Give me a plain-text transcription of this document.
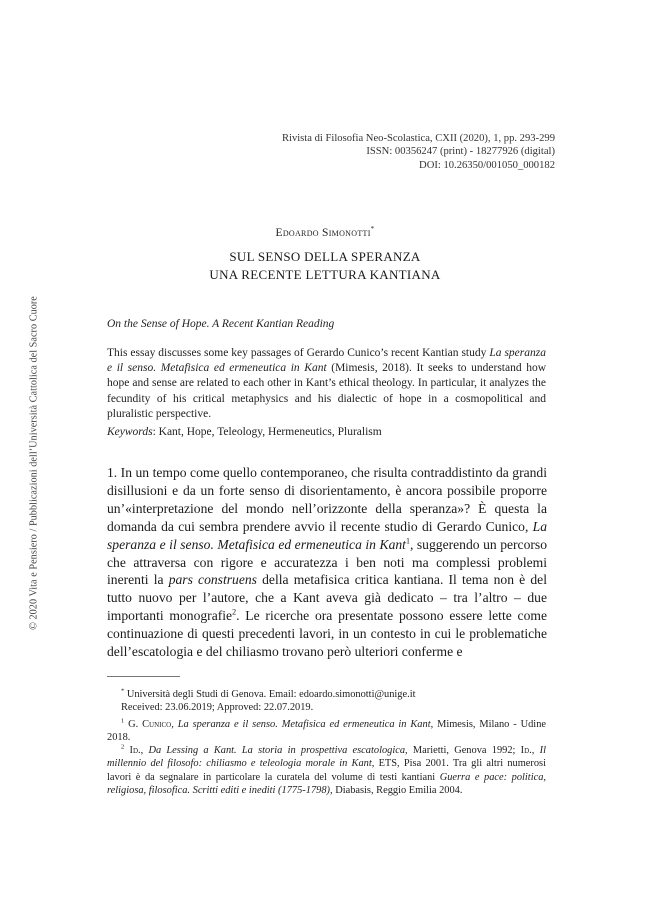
© 2020 Vita e Pensiero / Pubblicazioni dell’Università Cattolica del Sacro Cuore
Rivista di Filosofia Neo-Scolastica, CXII (2020), 1, pp. 293-299
ISSN: 00356247 (print) - 18277926 (digital)
DOI: 10.26350/001050_000182
Edoardo Simonotti*
SUL SENSO DELLA SPERANZA
UNA RECENTE LETTURA KANTIANA
On the Sense of Hope. A Recent Kantian Reading
This essay discusses some key passages of Gerardo Cunico’s recent Kantian study La speranza e il senso. Metafisica ed ermeneutica in Kant (Mimesis, 2018). It seeks to understand how hope and sense are related to each other in Kant’s ethical theology. In particular, it analyzes the fecundity of his critical metaphysics and his dialectic of hope in a cosmopolitical and pluralistic perspective.
Keywords: Kant, Hope, Teleology, Hermeneutics, Pluralism
1. In un tempo come quello contemporaneo, che risulta contraddistinto da grandi disillusioni e da un forte senso di disorientamento, è ancora possibile proporre un’«interpretazione del mondo nell’orizzonte della speranza»? È questa la domanda da cui sembra prendere avvio il recente studio di Gerardo Cunico, La speranza e il senso. Metafisica ed ermeneutica in Kant$^1$, suggerendo un percorso che attraversa con rigore e accuratezza i ben noti ma complessi problemi inerenti la pars construens della metafisica critica kantiana. Il tema non è del tutto nuovo per l’autore, che a Kant aveva già dedicato – tra l’altro – due importanti monografie$^2$. Le ricerche ora presentate possono essere lette come continuazione di questi precedenti lavori, in un contesto in cui le problematiche dell’escatologia e del chiliasmo trovano però ulteriori conferme e
* Università degli Studi di Genova. Email: edoardo.simonotti@unige.it
Received: 23.06.2019; Approved: 22.07.2019.
$^1$ G. Cunico, La speranza e il senso. Metafisica ed ermeneutica in Kant, Mimesis, Milano - Udine 2018.
$^2$ Id., Da Lessing a Kant. La storia in prospettiva escatologica, Marietti, Genova 1992; Id., Il millennio del filosofo: chiliasmo e teleologia morale in Kant, ETS, Pisa 2001. Tra gli altri numerosi lavori è da segnalare in particolare la curatela del volume di testi kantiani Guerra e pace: politica, religiosa, filosofica. Scritti editi e inediti (1775-1798), Diabasis, Reggio Emilia 2004.
